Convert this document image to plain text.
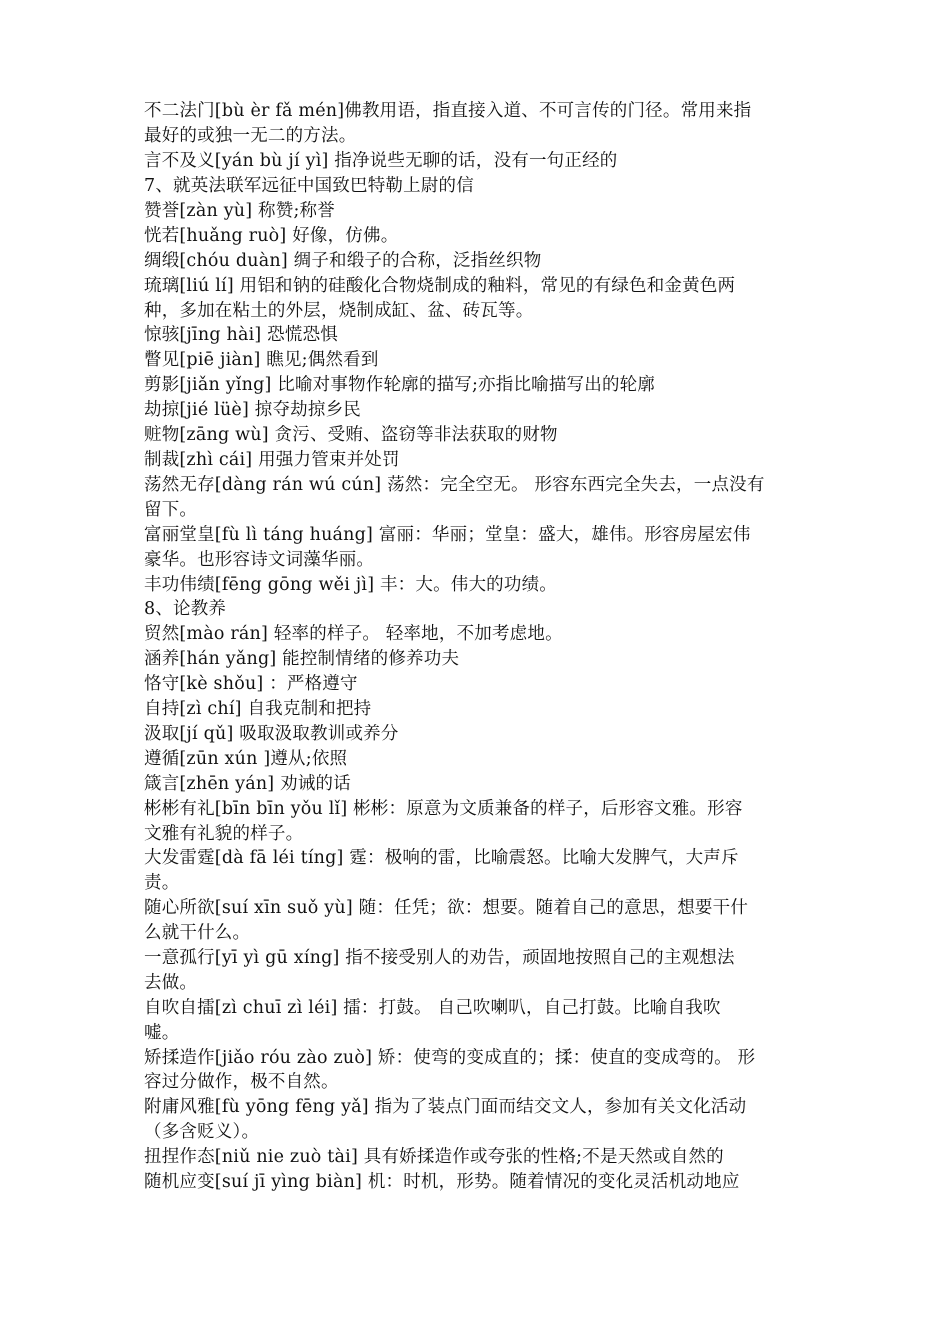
不二法门[bù èr fǎ mén]佛教用语，指直接入道、不可言传的门径。常用来指
最好的或独一无二的方法。
言不及义[yán bù jí yì] 指净说些无聊的话，没有一句正经的
7、就英法联军远征中国致巴特勒上尉的信
赞誉[zàn yù] 称赞;称誉
恍若[huǎng ruò] 好像，仿佛。
绸缎[chóu duàn] 绸子和缎子的合称，泛指丝织物
琉璃[liú lí] 用铝和钠的硅酸化合物烧制成的釉料，常见的有绿色和金黄色两
种，多加在粘土的外层，烧制成缸、盆、砖瓦等。
惊骇[jīng hài] 恐慌恐惧
瞥见[piē jiàn] 瞧见;偶然看到
剪影[jiǎn yǐng] 比喻对事物作轮廓的描写;亦指比喻描写出的轮廓
劫掠[jié lüè] 掠夺劫掠乡民
赃物[zāng wù] 贪污、受贿、盗窃等非法获取的财物
制裁[zhì cái] 用强力管束并处罚
荡然无存[dàng rán wú cún] 荡然：完全空无。 形容东西完全失去，一点没有
留下。
富丽堂皇[fù lì táng huáng] 富丽：华丽；堂皇：盛大，雄伟。形容房屋宏伟
豪华。也形容诗文词藻华丽。
丰功伟绩[fēng gōng wěi jì] 丰：大。伟大的功绩。
8、论教养
贸然[mào rán] 轻率的样子。 轻率地，不加考虑地。
涵养[hán yǎng] 能控制情绪的修养功夫
恪守[kè shǒu] ：严格遵守
自持[zì chí] 自我克制和把持
汲取[jí qǔ] 吸取汲取教训或养分
遵循[zūn xún ]遵从;依照
箴言[zhēn yán] 劝诫的话
彬彬有礼[bīn bīn yǒu lǐ] 彬彬：原意为文质兼备的样子，后形容文雅。形容
文雅有礼貌的样子。
大发雷霆[dà fā léi tíng] 霆：极响的雷，比喻震怒。比喻大发脾气，大声斥
责。
随心所欲[suí xīn suǒ yù] 随：任凭；欲：想要。随着自己的意思，想要干什
么就干什么。
一意孤行[yī yì gū xíng] 指不接受别人的劝告，顽固地按照自己的主观想法
去做。
自吹自擂[zì chuī zì léi] 擂：打鼓。 自己吹喇叭，自己打鼓。比喻自我吹
嘘。
矫揉造作[jiǎo róu zào zuò] 矫：使弯的变成直的；揉：使直的变成弯的。 形
容过分做作，极不自然。
附庸风雅[fù yōng fēng yǎ] 指为了装点门面而结交文人，参加有关文化活动
（多含贬义）。
扭捏作态[niǔ nie zuò tài] 具有娇揉造作或夸张的性格;不是天然或自然的
随机应变[suí jī yìng biàn] 机：时机，形势。随着情况的变化灵活机动地应
